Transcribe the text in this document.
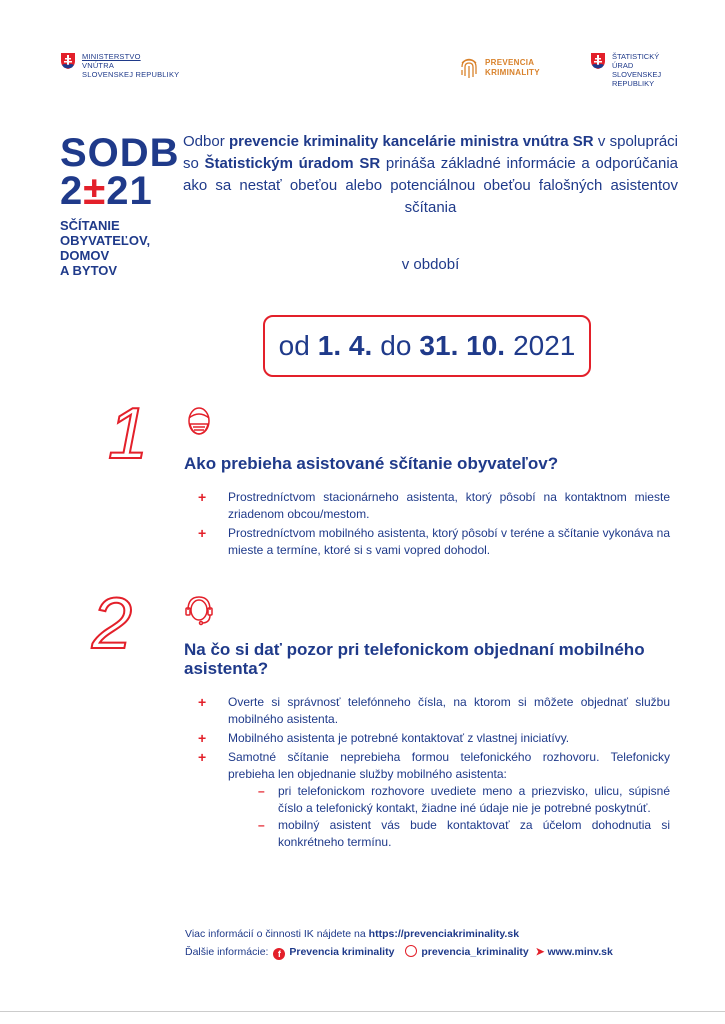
MINISTERSTVO
VNÚTRA
SLOVENSKEJ REPUBLIKY
PREVENCIA
KRIMINALITY
ŠTATISTICKÝ
ÚRAD
SLOVENSKEJ
REPUBLIKY
SODB
2±21
SČÍTANIE
OBYVATEĽOV,
DOMOV
A BYTOV
Odbor prevencie kriminality kancelárie ministra vnútra SR v spolupráci so Štatistickým úradom SR prináša základné informácie a odporúčania ako sa nestať obeťou alebo potenciálnou obeťou falošných asistentov sčítania
v období
od 1. 4. do 31. 10. 2021
1 Ako prebieha asistované sčítanie obyvateľov?
+ Prostredníctvom stacionárneho asistenta, ktorý pôsobí na kontaktnom mieste zriadenom obcou/mestom.
+ Prostredníctvom mobilného asistenta, ktorý pôsobí v teréne a sčítanie vykonáva na mieste a termíne, ktoré si s vami vopred dohodol.
2	Na čo si dať pozor pri telefonickom objednaní mobilného asistenta?
+ Overte si správnosť telefónneho čísla, na ktorom si môžete objednať službu mobilného asistenta.
+ Mobilného asistenta je potrebné kontaktovať z vlastnej iniciatívy.
+ Samotné sčítanie neprebieha formou telefonického rozhovoru. Telefonicky prebieha len objednanie služby mobilného asistenta:
– pri telefonickom rozhovore uvediete meno a priezvisko, ulicu, súpisné číslo a telefonický kontakt, žiadne iné údaje nie je potrebné poskytnúť.
– mobilný asistent vás bude kontaktovať za účelom dohodnutia si konkrétneho termínu.
Viac informácií o činnosti IK nájdete na https://prevenciakriminality.sk
Ďalšie informácie: f Prevencia kriminality	prevencia_kriminality ➤ www.minv.sk
